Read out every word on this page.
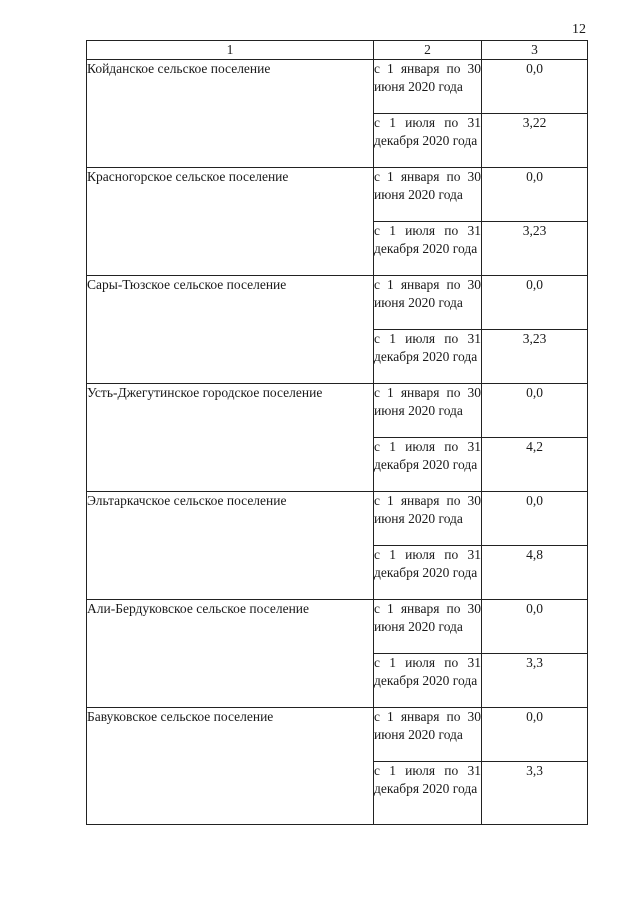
12
1	2	3
Койданское сельское поселение	с 1 января по 30 июня 2020 года	0,0
	с 1 июля по 31 декабря 2020 года	3,22
Красногорское сельское поселение	с 1 января по 30 июня 2020 года	0,0
	с 1 июля по 31 декабря 2020 года	3,23
Сары-Тюзское сельское поселение	с 1 января по 30 июня 2020 года	0,0
	с 1 июля по 31 декабря 2020 года	3,23
Усть-Джегутинское городское поселение	с 1 января по 30 июня 2020 года	0,0
	с 1 июля по 31 декабря 2020 года	4,2
Эльтаркачское сельское поселение	с 1 января по 30 июня 2020 года	0,0
	с 1 июля по 31 декабря 2020 года	4,8
Али-Бердуковское сельское поселение	с 1 января по 30 июня 2020 года	0,0
	с 1 июля по 31 декабря 2020 года	3,3
Бавуковское сельское поселение	с 1 января по 30 июня 2020 года	0,0
	с 1 июля по 31 декабря 2020 года	3,3
